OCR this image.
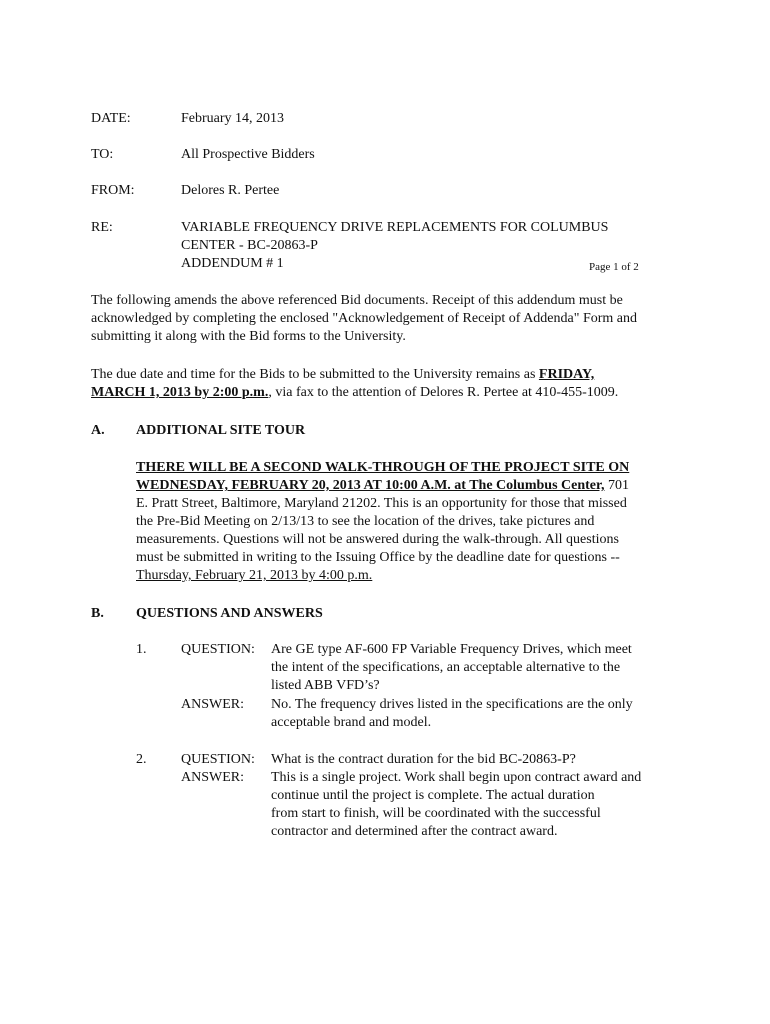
DATE:	February 14, 2013
TO:	All Prospective Bidders
FROM:	Delores R. Pertee
RE:	VARIABLE FREQUENCY DRIVE REPLACEMENTS FOR COLUMBUS
CENTER - BC-20863-P
ADDENDUM # 1	Page 1 of 2
The following amends the above referenced Bid documents. Receipt of this addendum must be
acknowledged by completing the enclosed "Acknowledgement of Receipt of Addenda" Form and
submitting it along with the Bid forms to the University.
The due date and time for the Bids to be submitted to the University remains as FRIDAY,
MARCH 1, 2013 by 2:00 p.m., via fax to the attention of Delores R. Pertee at 410-455-1009.
A. ADDITIONAL SITE TOUR
THERE WILL BE A SECOND WALK-THROUGH OF THE PROJECT SITE ON
WEDNESDAY, FEBRUARY 20, 2013 AT 10:00 A.M. at The Columbus Center, 701
E. Pratt Street, Baltimore, Maryland 21202. This is an opportunity for those that missed
the Pre-Bid Meeting on 2/13/13 to see the location of the drives, take pictures and
measurements. Questions will not be answered during the walk-through. All questions
must be submitted in writing to the Issuing Office by the deadline date for questions --
Thursday, February 21, 2013 by 4:00 p.m.
B. QUESTIONS AND ANSWERS
1. QUESTION: Are GE type AF-600 FP Variable Frequency Drives, which meet
the intent of the specifications, an acceptable alternative to the
listed ABB VFD’s?
ANSWER: No. The frequency drives listed in the specifications are the only
acceptable brand and model.
2. QUESTION: What is the contract duration for the bid BC-20863-P?
ANSWER: This is a single project. Work shall begin upon contract award and
continue until the project is complete. The actual duration
from start to finish, will be coordinated with the successful
contractor and determined after the contract award.
